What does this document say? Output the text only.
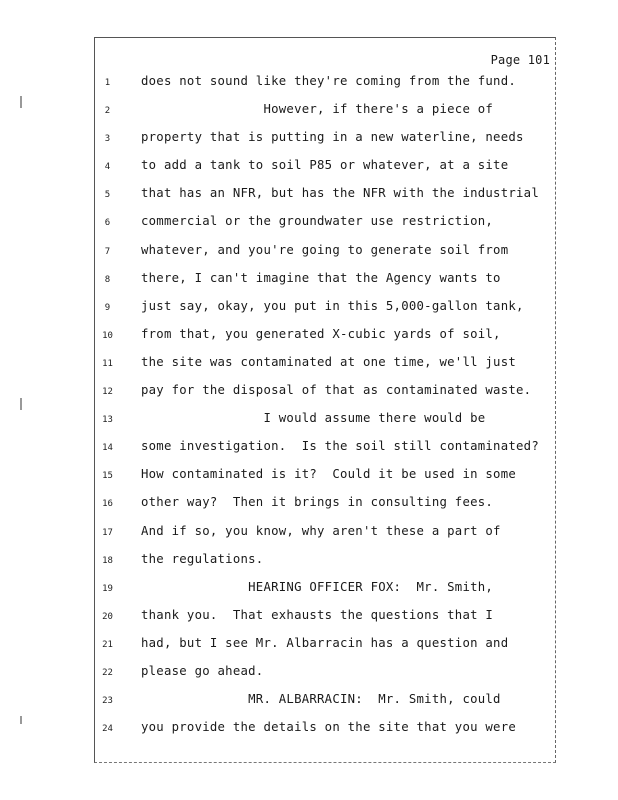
Page 101
1	does not sound like they're coming from the fund.
2	However, if there's a piece of
3	property that is putting in a new waterline, needs
4	to add a tank to soil P85 or whatever, at a site
5	that has an NFR, but has the NFR with the industrial
6	commercial or the groundwater use restriction,
7	whatever, and you're going to generate soil from
8	there, I can't imagine that the Agency wants to
9	just say, okay, you put in this 5,000-gallon tank,
10	from that, you generated X-cubic yards of soil,
11	the site was contaminated at one time, we'll just
12	pay for the disposal of that as contaminated waste.
13	I would assume there would be
14	some investigation.  Is the soil still contaminated?
15	How contaminated is it?  Could it be used in some
16	other way?  Then it brings in consulting fees.
17	And if so, you know, why aren't these a part of
18	the regulations.
19	HEARING OFFICER FOX:  Mr. Smith,
20	thank you.  That exhausts the questions that I
21	had, but I see Mr. Albarracin has a question and
22	please go ahead.
23	MR. ALBARRACIN:  Mr. Smith, could
24	you provide the details on the site that you were
